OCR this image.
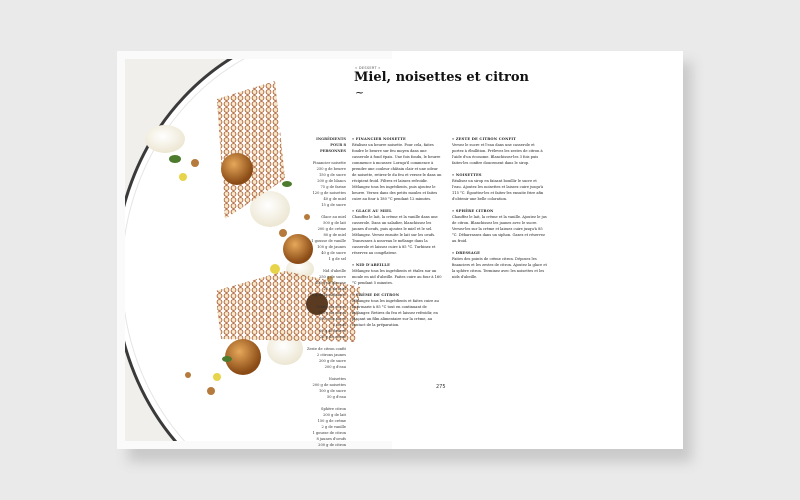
« DESSERT »
Miel, noisettes et citron
~
INGRÉDIENTS POUR 8 PERSONNES
Financier noisette
250 g de beurre
150 g de sucre
200 g de blancs
75 g de farine
120 g de noisettes
40 g de miel
15 g de sucre
Glace au miel
500 g de lait
200 g de crème
80 g de miel
1 gousse de vanille
100 g de jaunes
40 g de sucre
1 g de sel
Nid d'abeille
250 g de sucre
100 g de glucose
25 g de miel
12 g de bicarbonate
Crème de citron
150 g de citron
100 g de sucre
3 oeufs
60 g de beurre
20 g de crème
Zeste de citron confit
2 citrons jaunes
200 g de sucre
200 g d'eau
Noisettes
200 g de noisettes
100 g de sucre
50 g d'eau
Sphère citron
200 g de lait
150 g de crème
2 g de vanille
1 gousse de citron
8 jaunes d'oeufs
200 g de citron
« FINANCIER NOISETTE

Réalisez un beurre noisette. Pour cela, faites fondre le beurre sur feu moyen dans une casserole à fond épais. Une fois fondu, le beurre commence à mousser. Lorsqu'il commence à prendre une couleur châtain clair et une odeur de noisette, retirez-le du feu et versez-le dans un récipient froid. Filtrez et laissez refroidir. Mélangez tous les ingrédients, puis ajoutez le beurre. Versez dans des petits moules et faites cuire au four à 180 °C pendant 12 minutes.

« GLACE AU MIEL

Chauffez le lait, la crème et la vanille dans une casserole. Dans un saladier, blanchissez les jaunes d'oeufs, puis ajoutez le miel et le sel. Mélangez. Versez ensuite le lait sur les oeufs. Transvasez à nouveau le mélange dans la casserole et laissez cuire à 85 °C. Turbinez et réservez au congélateur.

« NID D'ABEILLE

Mélangez tous les ingrédients et étalez sur un moule en nid d'abeille. Faites cuire au four à 160 °C pendant 5 minutes.

« CRÈME DE CITRON

Mélangez tous les ingrédients et faites cuire au bain-marie à 85 °C tout en continuant de mélanger. Retirez du feu et laissez refroidir, en plaçant un film alimentaire sur la crème, au contact de la préparation.

« ZESTE DE CITRON CONFIT

Versez le sucre et l'eau dans une casserole et portez à ébullition. Prélevez les zestes de citron à l'aide d'un économe. Blanchissez-les 3 fois puis faites-les confire doucement dans le sirop.

« NOISETTES

Réalisez un sirop en faisant bouillir le sucre et l'eau. Ajoutez les noisettes et laissez cuire jusqu'à 115 °C. Égouttez-les et faites-les ensuite frire afin d'obtenir une belle coloration.

« SPHÈRE CITRON

Chauffez le lait, la crème et la vanille. Ajoutez le jus de citron. Blanchissez les jaunes avec le sucre. Versez-les sur la crème et laissez cuire jusqu'à 85 °C. Débarrassez dans un siphon. Gazez et réservez au froid.

« DRESSAGE

Faites des points de crème citron. Déposez les financiers et les zestes de citron. Ajoutez la glace et la sphère citron. Terminez avec les noisettes et les nids d'abeille.

275
